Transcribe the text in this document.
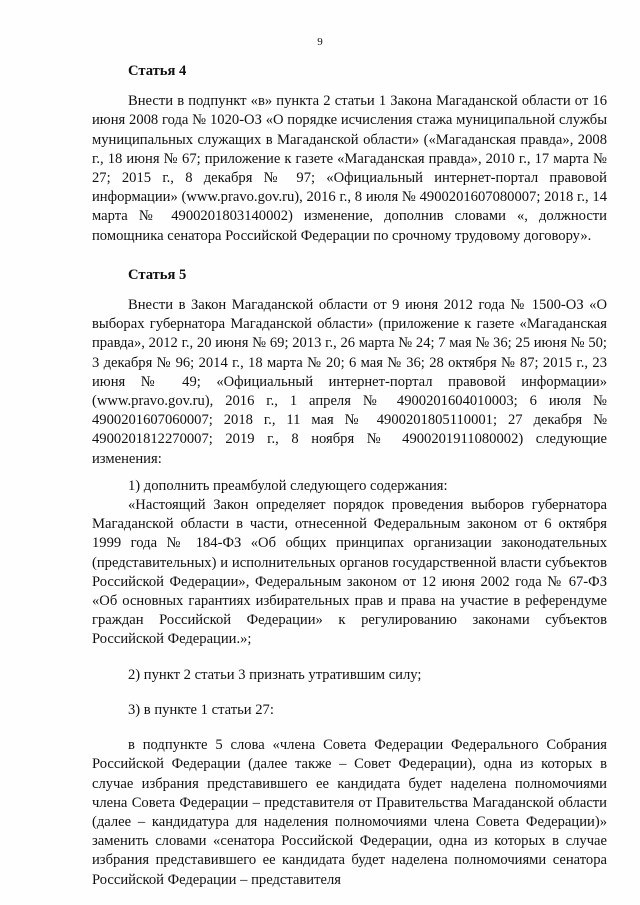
9
Статья 4

Внести в подпункт «в» пункта 2 статьи 1 Закона Магаданской области от 16 июня 2008 года № 1020-ОЗ «О порядке исчисления стажа муниципальной службы муниципальных служащих в Магаданской области» («Магаданская правда», 2008 г., 18 июня № 67; приложение к газете «Магаданская правда», 2010 г., 17 марта № 27; 2015 г., 8 декабря № 97; «Официальный интернет-портал правовой информации» (www.pravo.gov.ru), 2016 г., 8 июля № 4900201607080007; 2018 г., 14 марта № 4900201803140002) изменение, дополнив словами «, должности помощника сенатора Российской Федерации по срочному трудовому договору».

Статья 5

Внести в Закон Магаданской области от 9 июня 2012 года № 1500-ОЗ «О выборах губернатора Магаданской области» (приложение к газете «Магаданская правда», 2012 г., 20 июня № 69; 2013 г., 26 марта № 24; 7 мая № 36; 25 июня № 50; 3 декабря № 96; 2014 г., 18 марта № 20; 6 мая № 36; 28 октября № 87; 2015 г., 23 июня № 49; «Официальный интернет-портал правовой информации» (www.pravo.gov.ru), 2016 г., 1 апреля № 4900201604010003; 6 июля № 4900201607060007; 2018 г., 11 мая № 4900201805110001; 27 декабря № 4900201812270007; 2019 г., 8 ноября № 4900201911080002) следующие изменения:

1) дополнить преамбулой следующего содержания:

«Настоящий Закон определяет порядок проведения выборов губернатора Магаданской области в части, отнесенной Федеральным законом от 6 октября 1999 года № 184-ФЗ «Об общих принципах организации законодательных (представительных) и исполнительных органов государственной власти субъектов Российской Федерации», Федеральным законом от 12 июня 2002 года № 67-ФЗ «Об основных гарантиях избирательных прав и права на участие в референдуме граждан Российской Федерации» к регулированию законами субъектов Российской Федерации.»;

2) пункт 2 статьи 3 признать утратившим силу;

3) в пункте 1 статьи 27:

в подпункте 5 слова «члена Совета Федерации Федерального Собрания Российской Федерации (далее также – Совет Федерации), одна из которых в случае избрания представившего ее кандидата будет наделена полномочиями члена Совета Федерации – представителя от Правительства Магаданской области (далее – кандидатура для наделения полномочиями члена Совета Федерации)» заменить словами «сенатора Российской Федерации, одна из которых в случае избрания представившего ее кандидата будет наделена полномочиями сенатора Российской Федерации – представителя
